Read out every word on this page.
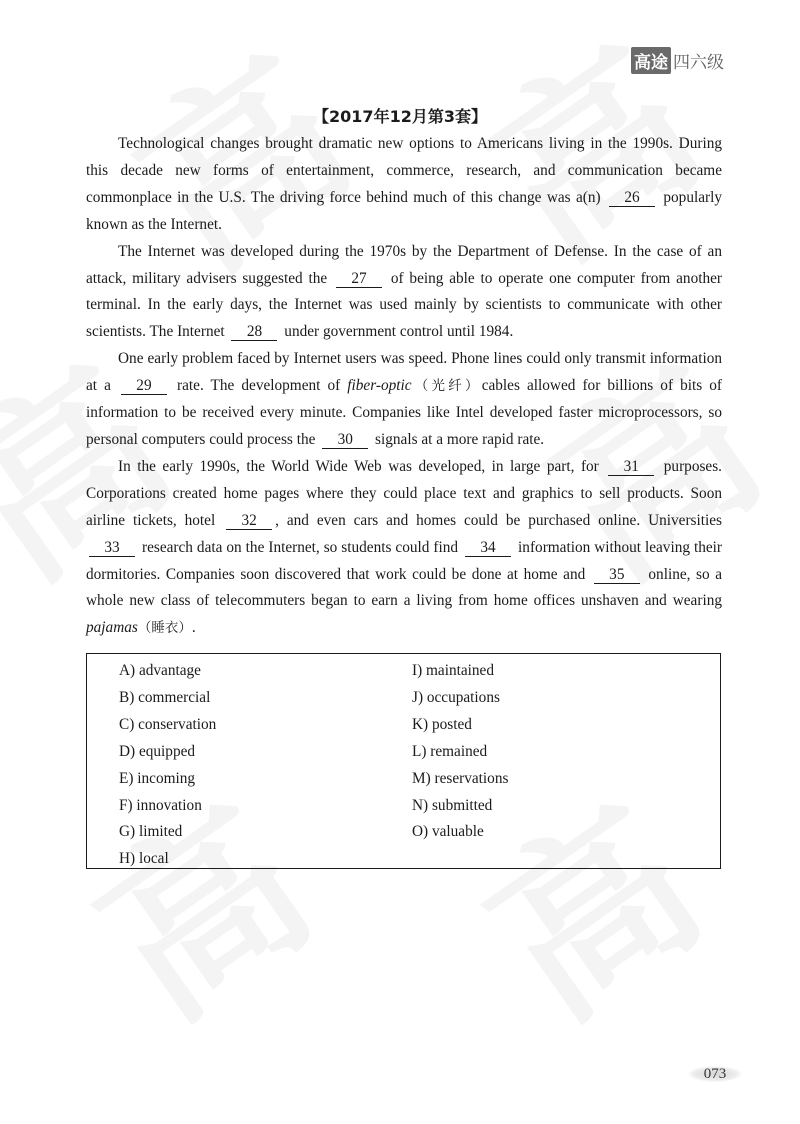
高途 四六级
【2017年12月第3套】

Technological changes brought dramatic new options to Americans living in the 1990s. During this decade new forms of entertainment, commerce, research, and communication became commonplace in the U.S. The driving force behind much of this change was a(n) 26 popularly known as the Internet.

The Internet was developed during the 1970s by the Department of Defense. In the case of an attack, military advisers suggested the 27 of being able to operate one computer from another terminal. In the early days, the Internet was used mainly by scientists to communicate with other scientists. The Internet 28 under government control until 1984.

One early problem faced by Internet users was speed. Phone lines could only transmit information at a 29 rate. The development of fiber-optic（光纤）cables allowed for billions of bits of information to be received every minute. Companies like Intel developed faster microprocessors, so personal computers could process the 30 signals at a more rapid rate.

In the early 1990s, the World Wide Web was developed, in large part, for 31 purposes. Corporations created home pages where they could place text and graphics to sell products. Soon airline tickets, hotel 32 , and even cars and homes could be purchased online. Universities 33 research data on the Internet, so students could find 34 information without leaving their dormitories. Companies soon discovered that work could be done at home and 35 online, so a whole new class of telecommuters began to earn a living from home offices unshaven and wearing pajamas（睡衣）.

A) advantage
B) commercial
C) conservation
D) equipped
E) incoming
F) innovation
G) limited
H) local
I) maintained
J) occupations
K) posted
L) remained
M) reservations
N) submitted
O) valuable
073
